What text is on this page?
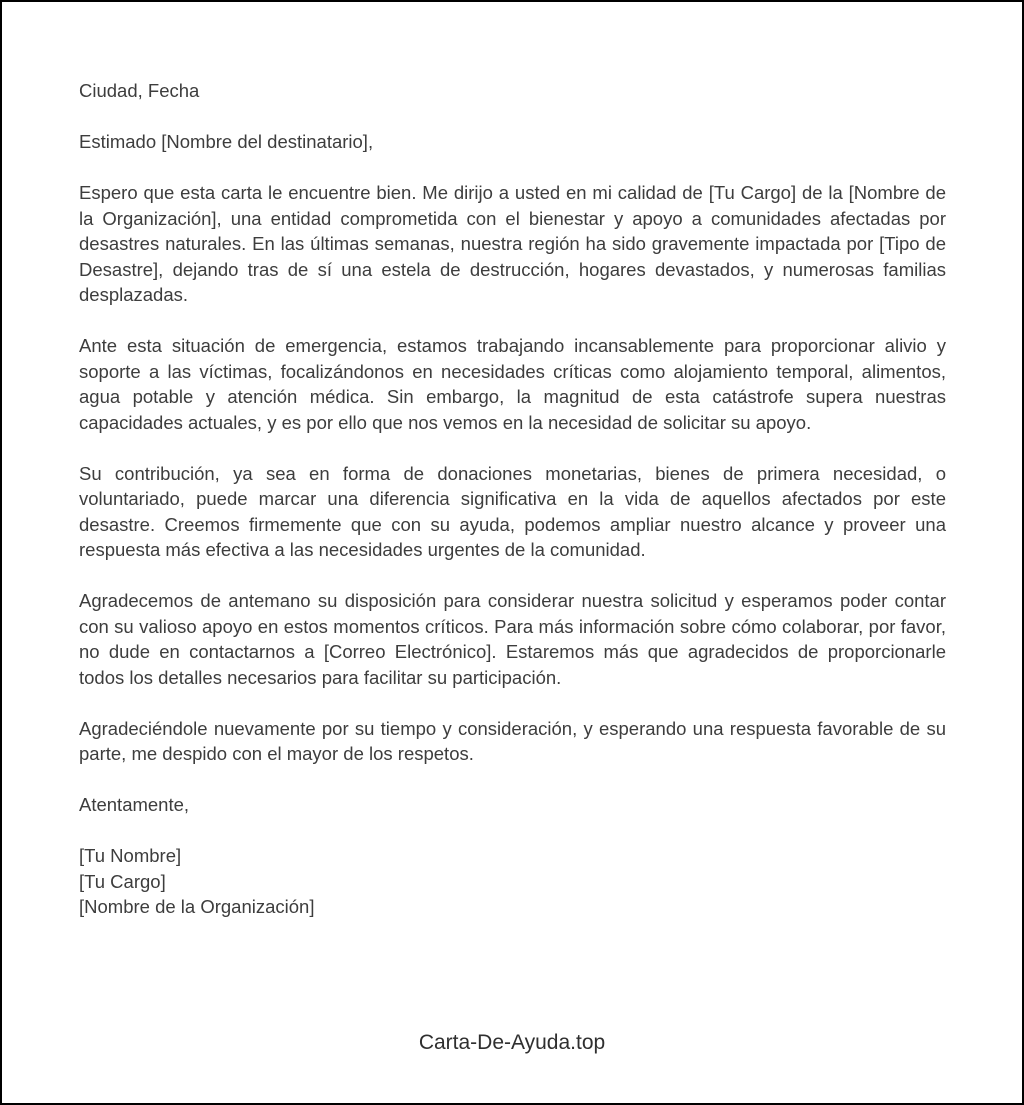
Ciudad, Fecha

Estimado [Nombre del destinatario],

Espero que esta carta le encuentre bien. Me dirijo a usted en mi calidad de [Tu Cargo] de la [Nombre de la Organización], una entidad comprometida con el bienestar y apoyo a comunidades afectadas por desastres naturales. En las últimas semanas, nuestra región ha sido gravemente impactada por [Tipo de Desastre], dejando tras de sí una estela de destrucción, hogares devastados, y numerosas familias desplazadas.

Ante esta situación de emergencia, estamos trabajando incansablemente para proporcionar alivio y soporte a las víctimas, focalizándonos en necesidades críticas como alojamiento temporal, alimentos, agua potable y atención médica. Sin embargo, la magnitud de esta catástrofe supera nuestras capacidades actuales, y es por ello que nos vemos en la necesidad de solicitar su apoyo.

Su contribución, ya sea en forma de donaciones monetarias, bienes de primera necesidad, o voluntariado, puede marcar una diferencia significativa en la vida de aquellos afectados por este desastre. Creemos firmemente que con su ayuda, podemos ampliar nuestro alcance y proveer una respuesta más efectiva a las necesidades urgentes de la comunidad.

Agradecemos de antemano su disposición para considerar nuestra solicitud y esperamos poder contar con su valioso apoyo en estos momentos críticos. Para más información sobre cómo colaborar, por favor, no dude en contactarnos a [Correo Electrónico]. Estaremos más que agradecidos de proporcionarle todos los detalles necesarios para facilitar su participación.

Agradeciéndole nuevamente por su tiempo y consideración, y esperando una respuesta favorable de su parte, me despido con el mayor de los respetos.

Atentamente,

[Tu Nombre]

[Tu Cargo]

[Nombre de la Organización]

Carta-De-Ayuda.top
